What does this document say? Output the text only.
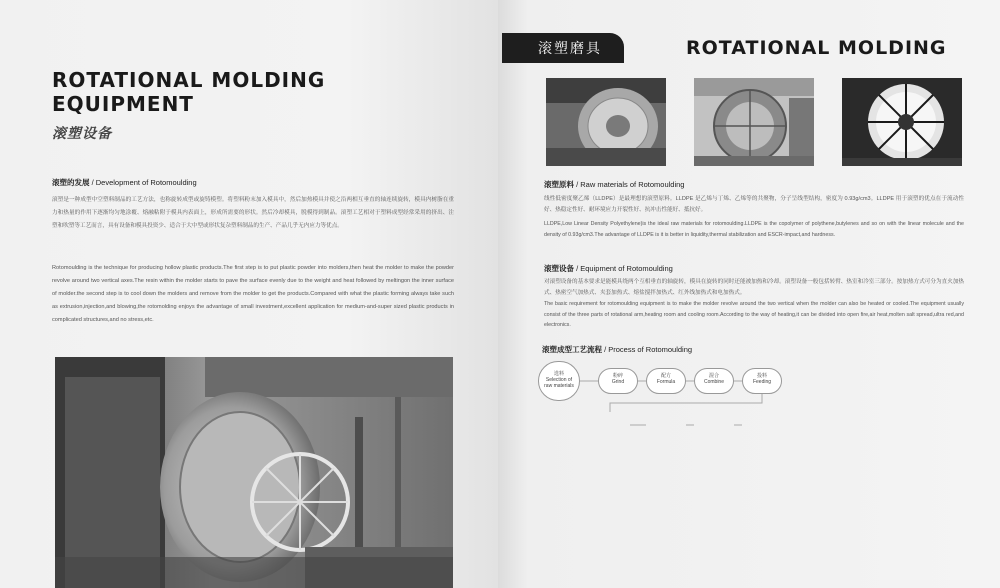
ROTATIONAL MOLDING EQUIPMENT
滚塑设备
滚塑的发展 / Development of Rotomoulding
滚塑是一种成型中空塑料制品的工艺方法，也称旋转成型或旋铸模塑。将塑料粉末加入模具中，然后加热模具并使之沿两相互垂直的轴连续旋转，模具内树脂在重力和热量的作用下逐渐均匀地涂覆、熔融粘附于模具内表面上，形成所需要的形状。然后冷却模具，脱模得到制品。滚塑工艺相对于塑料成型经常采用的挤出、注塑和吹塑等工艺而言，具有设备和模具投资少、适合于大中型或形状复杂塑料制品的生产、产品几乎无内应力等优点。
Rotomoulding is the technique for producing hollow plastic products.The first step is to put plastic powder into molders,then heat the molder to make the powder revolve around two vertical axes.The resin within the molder starts to pave the surface evenly due to the weight and heat followed by meltingon the inner surface of molder.the second step is to cool down the molders and remove from the molder to get the products.Compared with what the plastic forming always take such as extrusion,injection,and blowing,the rotomolding enjoys the advantage of small investment,excellent application for medium-and-super sized plastic products in complicated structures,and no stress,etc.
滚塑磨具	ROTATIONAL MOLDING
滚塑原料 / Raw materials of Rotomoulding
线性低密度聚乙烯（LLDPE）是最理想的滚塑原料。LLDPE 是乙烯与丁烯、乙烯等的共聚物，分子呈线型结构，密度为 0.93g/cm3。LLDPE 用于滚塑的优点在于流动性好、热稳定性好、耐环境应力开裂性好、抗冲击性能好、抵抗好。
LLDPE,Low Linear Density Polyethylene)is the ideal raw materials for rotomoulding.LLDPE is the copolymer of polythene,butylenes and so on with the linear molecule and the density of 0.93g/cm3.The advantage of LLDPE is it is better in liquidity,thermal stabilization and ESCR-impact,and hardness.
滚塑设备 / Equipment of Rotomoulding
对滚塑设备的基本要求是能模具绕两个互相垂直的轴旋转，模具在旋转的同时还能被加热和冷却。滚塑设备一般包括转臂、热室和冷室三部分。按加热方式可分为直火加热式、热密空气加热式、夹套加热式、熔盐搅拌加热式、红外线加热式和电加热式。
The basic requirement for rotomoulding equipment is to make the molder revolve around the two vertical when the molder can also be heated or cooled.The equipment usually consist of the three parts of rotational arm,heating room and cooling room.According to the way of heating,it can be divided into open fire,air heat,molten salt spread,ultra red,and electronics.
滚塑成型工艺流程 / Process of Rotomoulding
选料
Selection of
raw materials
粉碎
Grind
配方
Formula
混合
Combine
投料
Feeding
